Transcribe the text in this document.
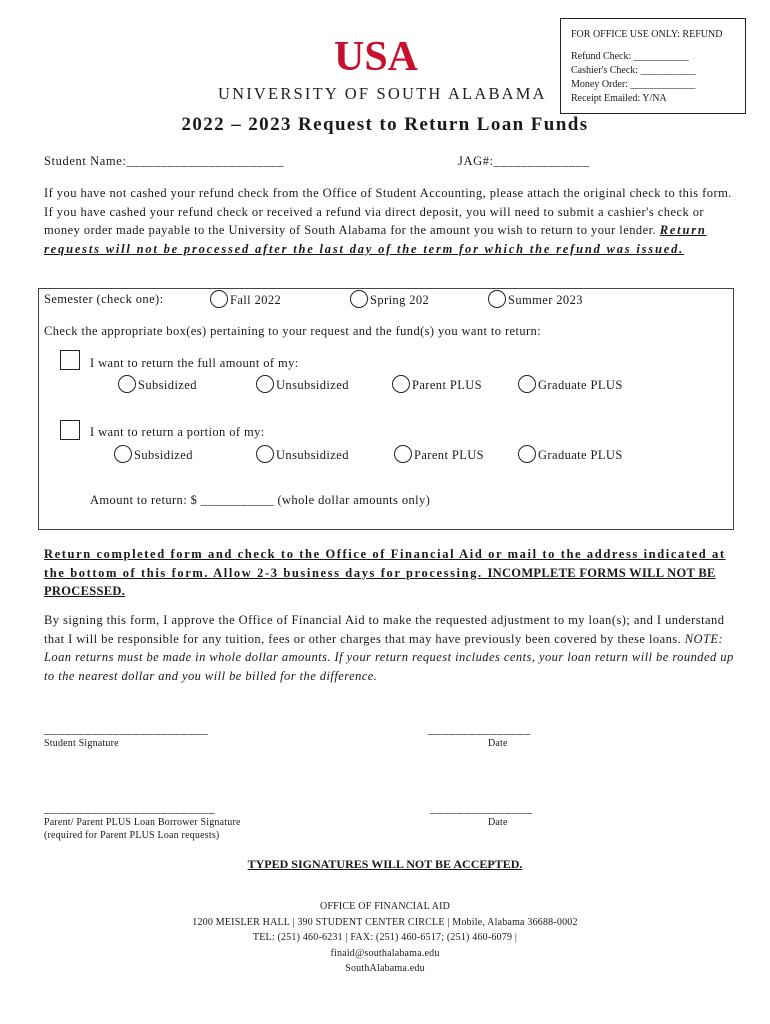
USA
UNIVERSITY OF SOUTH ALABAMA
FOR OFFICE USE ONLY: REFUND
Refund Check: ___________
Cashier's Check: ___________
Money Order: _____________
Receipt Emailed: Y/NA
2022 – 2023 Request to Return Loan Funds
Student Name:_______________________	JAG#:______________
If you have not cashed your refund check from the Office of Student Accounting, please attach the original check to this form. If you have cashed your refund check or received a refund via direct deposit, you will need to submit a cashier's check or money order made payable to the University of South Alabama for the amount you wish to return to your lender. Return requests will not be processed after the last day of the term for which the refund was issued.
Semester (check one):	Fall 2022	Spring 202	Summer 2023
Check the appropriate box(es) pertaining to your request and the fund(s) you want to return:
I want to return the full amount of my:
Subsidized	Unsubsidized	Parent PLUS	Graduate PLUS
I want to return a portion of my:
Subsidized	Unsubsidized	Parent PLUS	Graduate PLUS
Amount to return: $ ___________ (whole dollar amounts only)
Return completed form and check to the Office of Financial Aid or mail to the address indicated at the bottom of this form. Allow 2-3 business days for processing. INCOMPLETE FORMS WILL NOT BE PROCESSED.
By signing this form, I approve the Office of Financial Aid to make the requested adjustment to my loan(s); and I understand that I will be responsible for any tuition, fees or other charges that may have previously been covered by these loans. NOTE: Loan returns must be made in whole dollar amounts. If your return request includes cents, your loan return will be rounded up to the nearest dollar and you will be billed for the difference.
________________________	_______________
Student Signature	Date
_________________________	_______________
Parent/ Parent PLUS Loan Borrower Signature	Date
(required for Parent PLUS Loan requests)
TYPED SIGNATURES WILL NOT BE ACCEPTED.
OFFICE OF FINANCIAL AID
1200 MEISLER HALL | 390 STUDENT CENTER CIRCLE | Mobile, Alabama 36688-0002
TEL: (251) 460-6231 | FAX: (251) 460-6517; (251) 460-6079 |
finaid@southalabama.edu
SouthAlabama.edu
